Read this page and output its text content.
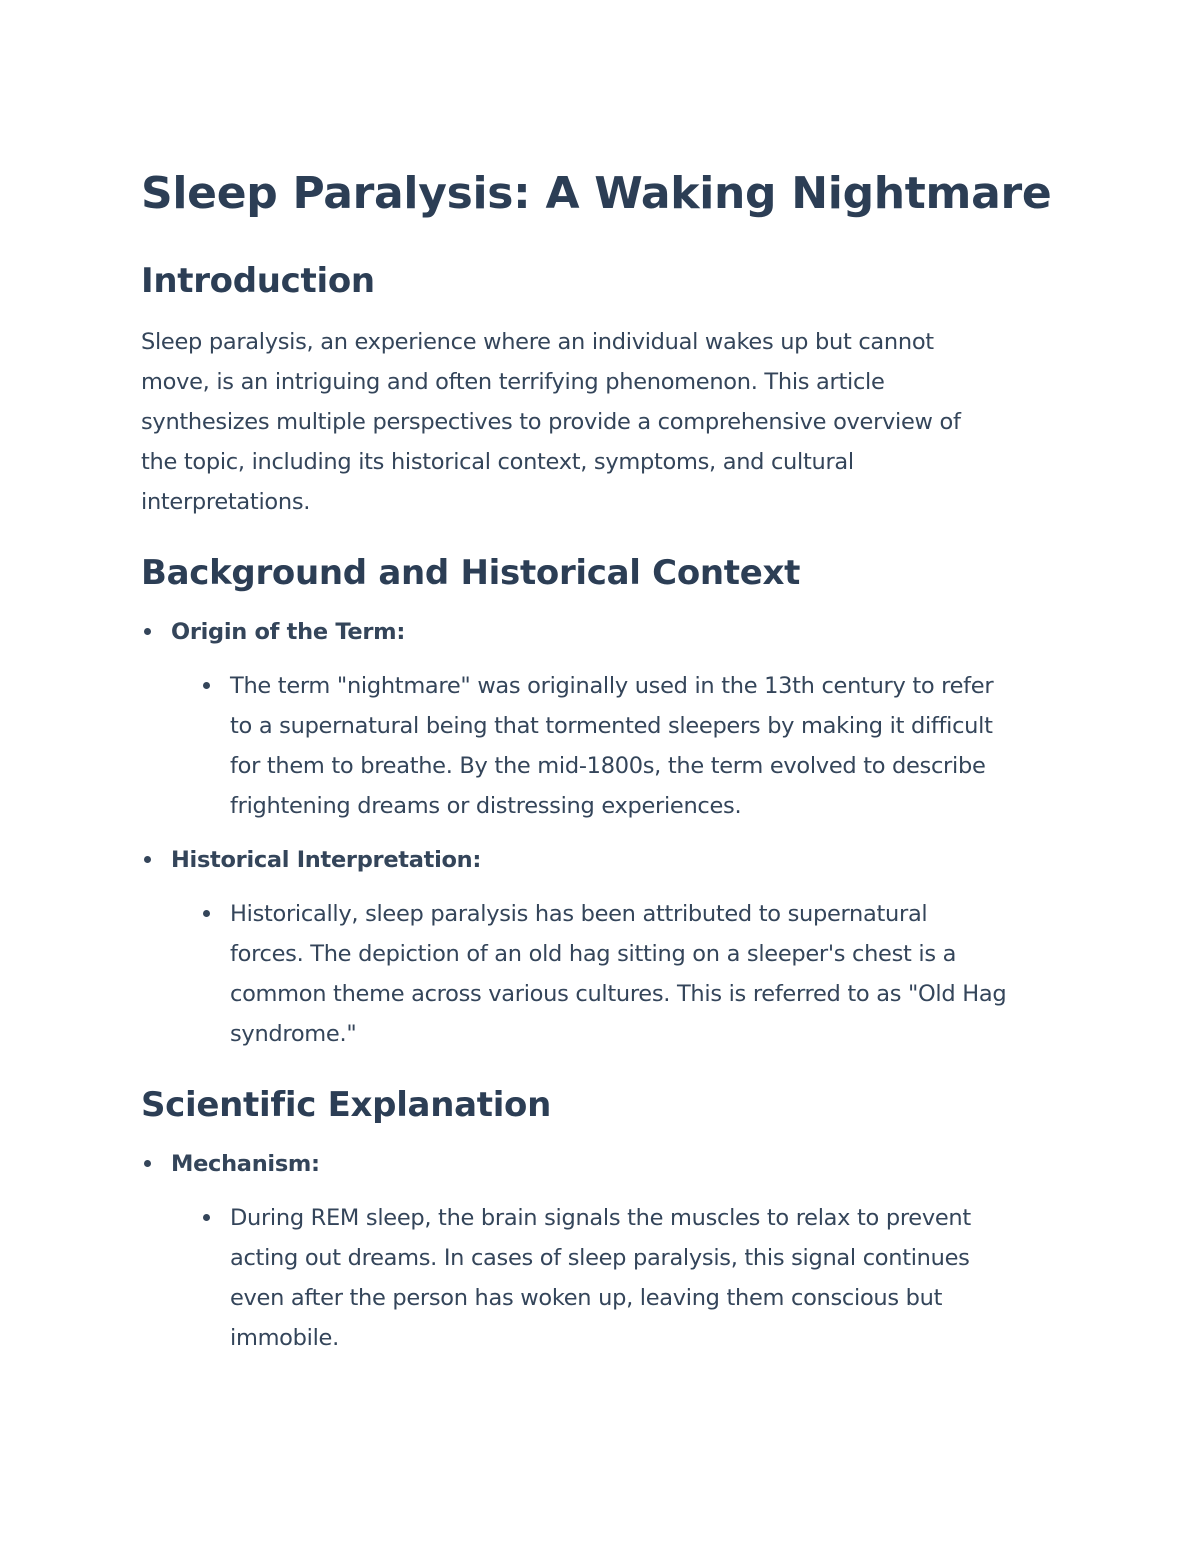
Sleep Paralysis: A Waking Nightmare
Introduction

Sleep paralysis, an experience where an individual wakes up but cannot
move, is an intriguing and often terrifying phenomenon. This article
synthesizes multiple perspectives to provide a comprehensive overview of
the topic, including its historical context, symptoms, and cultural
interpretations.

Background and Historical Context
Origin of the Term:

The term "nightmare" was originally used in the 13th century to refer
to a supernatural being that tormented sleepers by making it difficult
for them to breathe. By the mid-1800s, the term evolved to describe
frightening dreams or distressing experiences.

Historical Interpretation:

Historically, sleep paralysis has been attributed to supernatural
forces. The depiction of an old hag sitting on a sleeper's chest is a
common theme across various cultures. This is referred to as "Old Hag
syndrome."

Scientific Explanation
Mechanism:

During REM sleep, the brain signals the muscles to relax to prevent
acting out dreams. In cases of sleep paralysis, this signal continues
even after the person has woken up, leaving them conscious but
immobile.
